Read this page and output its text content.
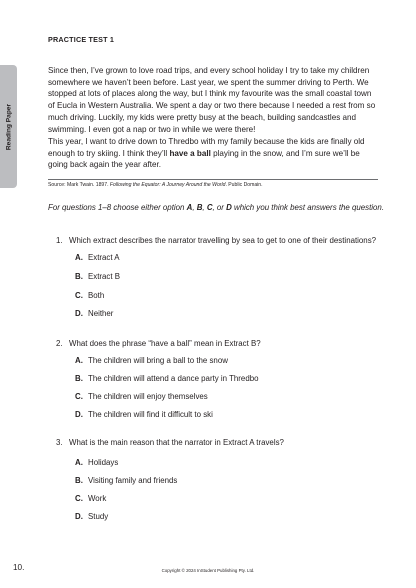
PRACTICE TEST 1
Reading Paper

Since then, I’ve grown to love road trips, and every school holiday I try to take my children somewhere we haven’t been before. Last year, we spent the summer driving to Perth. We stopped at lots of places along the way, but I think my favourite was the small coastal town of Eucla in Western Australia. We spent a day or two there because I needed a rest from so much driving. Luckily, my kids were pretty busy at the beach, building sandcastles and swimming. I even got a nap or two in while we were there!

This year, I want to drive down to Thredbo with my family because the kids are finally old enough to try skiing. I think they’ll have a ball playing in the snow, and I’m sure we’ll be going back again the year after.

Source: Mark Twain. 1897. Following the Equator: A Journey Around the World. Public Domain.
For questions 1–8 choose either option A, B, C, or D which you think best answers the question.
1. Which extract describes the narrator travelling by sea to get to one of their destinations?
A. Extract A
B. Extract B
C. Both
D. Neither
2. What does the phrase “have a ball” mean in Extract B?
A. The children will bring a ball to the snow
B. The children will attend a dance party in Thredbo
C. The children will enjoy themselves
D. The children will find it difficult to ski
3. What is the main reason that the narrator in Extract A travels?
A. Holidays
B. Visiting family and friends
C. Work
D. Study
10.	Copyright © 2024 InStudent Publishing Pty. Ltd.
